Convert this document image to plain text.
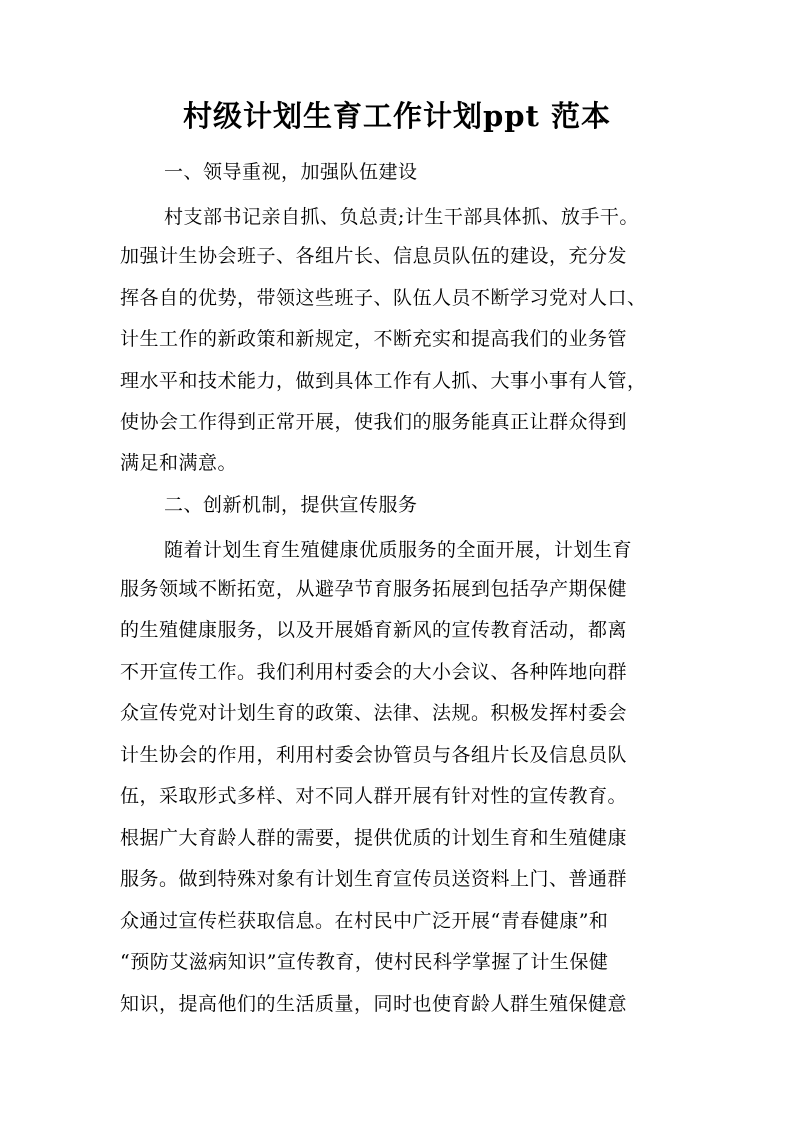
村级计划生育工作计划ppt 范本
一、领导重视，加强队伍建设
村支部书记亲自抓、负总责;计生干部具体抓、放手干。
加强计生协会班子、各组片长、信息员队伍的建设，充分发
挥各自的优势，带领这些班子、队伍人员不断学习党对人口、
计生工作的新政策和新规定，不断充实和提高我们的业务管
理水平和技术能力，做到具体工作有人抓、大事小事有人管，
使协会工作得到正常开展，使我们的服务能真正让群众得到
满足和满意。
二、创新机制，提供宣传服务
随着计划生育生殖健康优质服务的全面开展，计划生育
服务领域不断拓宽，从避孕节育服务拓展到包括孕产期保健
的生殖健康服务，以及开展婚育新风的宣传教育活动，都离
不开宣传工作。我们利用村委会的大小会议、各种阵地向群
众宣传党对计划生育的政策、法律、法规。积极发挥村委会
计生协会的作用，利用村委会协管员与各组片长及信息员队
伍，采取形式多样、对不同人群开展有针对性的宣传教育。
根据广大育龄人群的需要，提供优质的计划生育和生殖健康
服务。做到特殊对象有计划生育宣传员送资料上门、普通群
众通过宣传栏获取信息。在村民中广泛开展“青春健康”和
“预防艾滋病知识”宣传教育，使村民科学掌握了计生保健
知识，提高他们的生活质量，同时也使育龄人群生殖保健意
